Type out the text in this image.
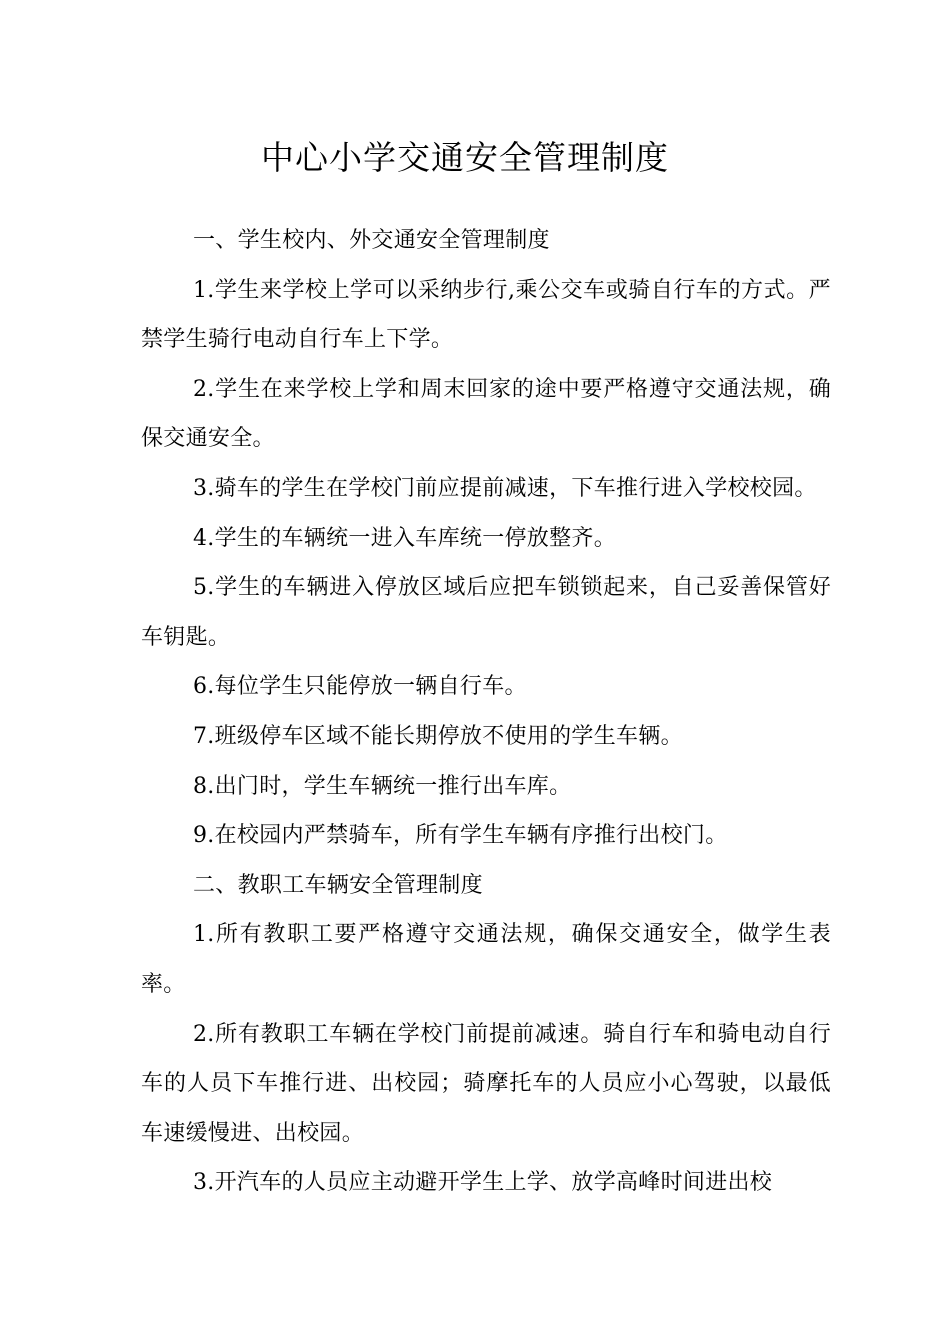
中心小学交通安全管理制度

一、学生校内、外交通安全管理制度

1.学生来学校上学可以采纳步行,乘公交车或骑自行车的方式。严禁学生骑行电动自行车上下学。

2.学生在来学校上学和周末回家的途中要严格遵守交通法规，确保交通安全。

3.骑车的学生在学校门前应提前减速，下车推行进入学校校园。

4.学生的车辆统一进入车库统一停放整齐。

5.学生的车辆进入停放区域后应把车锁锁起来，自己妥善保管好车钥匙。

6.每位学生只能停放一辆自行车。

7.班级停车区域不能长期停放不使用的学生车辆。

8.出门时，学生车辆统一推行出车库。

9.在校园内严禁骑车，所有学生车辆有序推行出校门。

二、教职工车辆安全管理制度

1.所有教职工要严格遵守交通法规，确保交通安全，做学生表率。

2.所有教职工车辆在学校门前提前减速。骑自行车和骑电动自行车的人员下车推行进、出校园；骑摩托车的人员应小心驾驶，以最低车速缓慢进、出校园。

3.开汽车的人员应主动避开学生上学、放学高峰时间进出校
